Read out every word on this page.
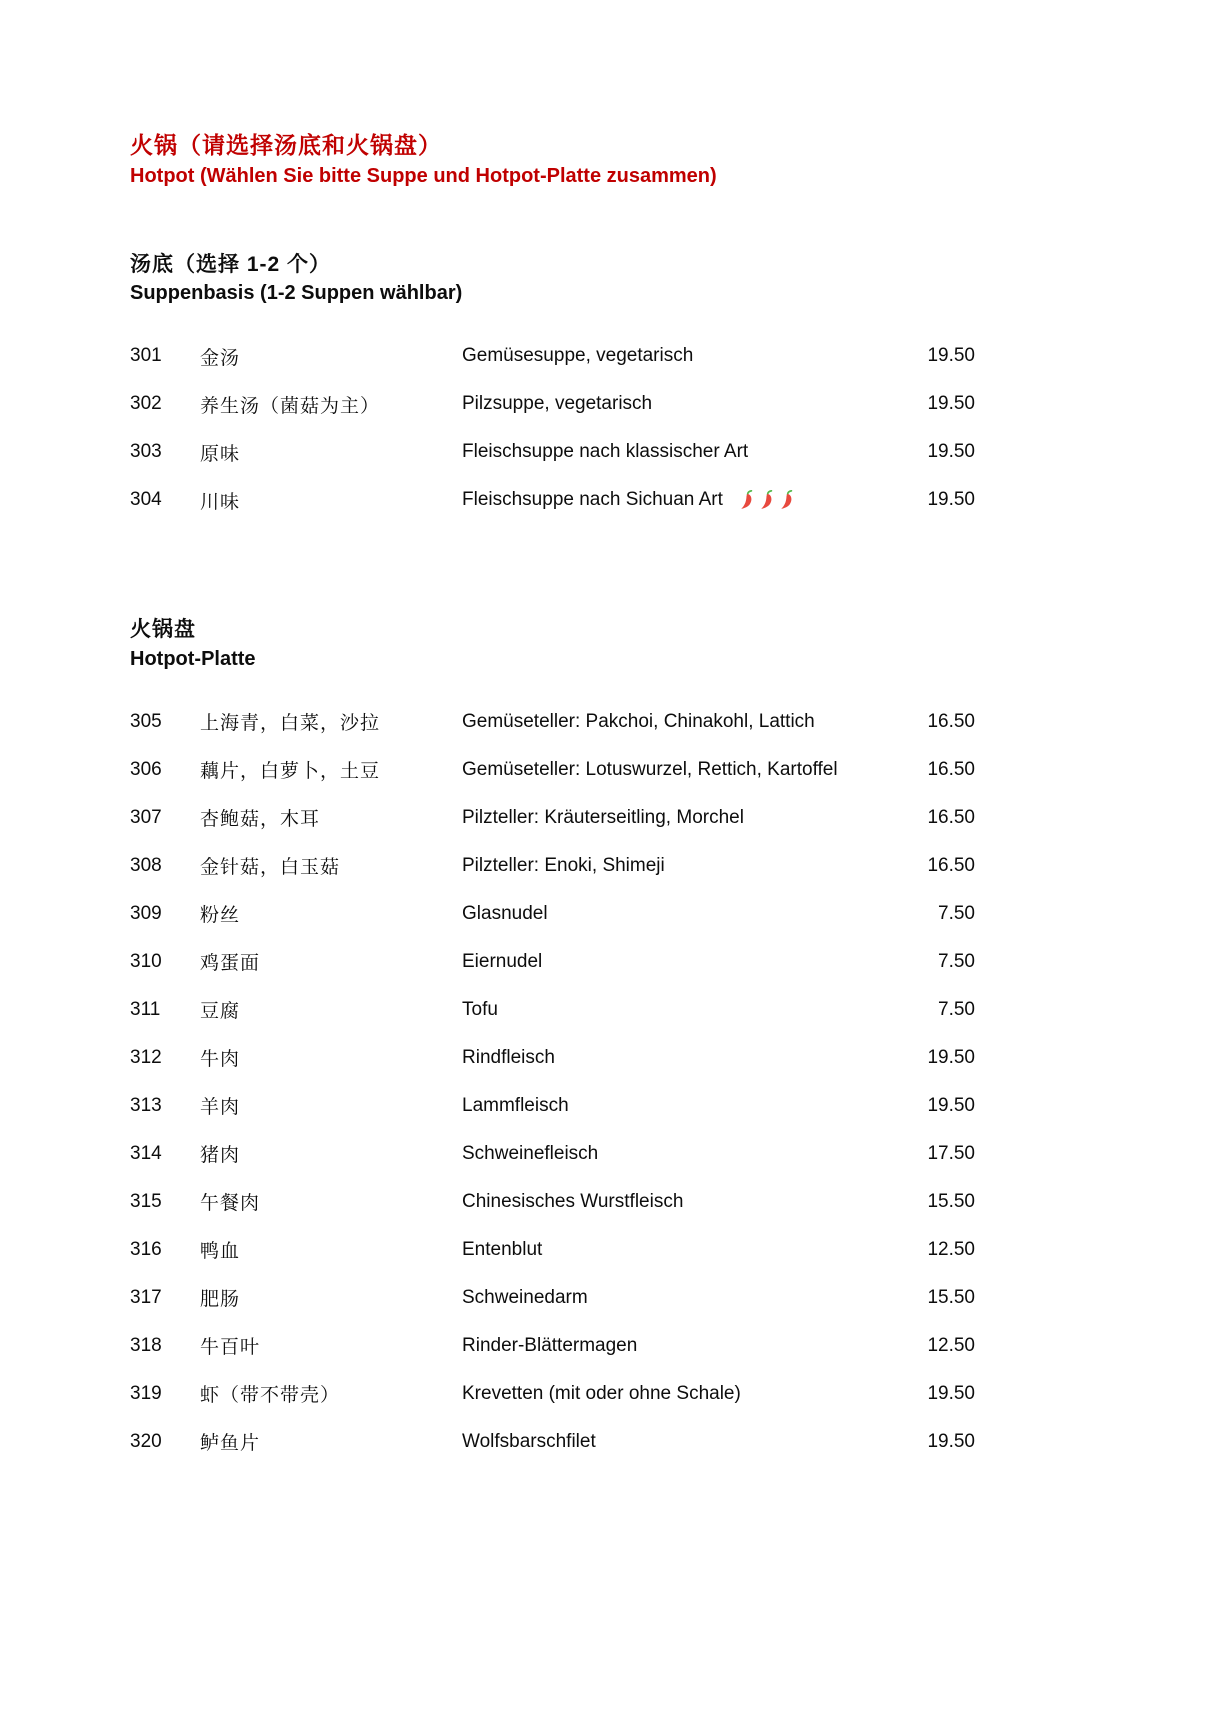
火锅（请选择汤底和火锅盘）
Hotpot (Wählen Sie bitte Suppe und Hotpot-Platte zusammen)
汤底（选择 1-2 个）
Suppenbasis (1-2 Suppen wählbar)
301	金汤	Gemüsesuppe, vegetarisch	19.50
302	养生汤（菌菇为主）	Pilzsuppe, vegetarisch	19.50
303	原味	Fleischsuppe nach klassischer Art	19.50
304	川味	Fleischsuppe nach Sichuan Art	19.50
火锅盘
Hotpot-Platte
305	上海青，白菜，沙拉	Gemüseteller: Pakchoi, Chinakohl, Lattich	16.50
306	藕片，白萝卜，土豆	Gemüseteller: Lotuswurzel, Rettich, Kartoffel	16.50
307	杏鲍菇，木耳	Pilzteller: Kräuterseitling, Morchel	16.50
308	金针菇，白玉菇	Pilzteller: Enoki, Shimeji	16.50
309	粉丝	Glasnudel	7.50
310	鸡蛋面	Eiernudel	7.50
311	豆腐	Tofu	7.50
312	牛肉	Rindfleisch	19.50
313	羊肉	Lammfleisch	19.50
314	猪肉	Schweinefleisch	17.50
315	午餐肉	Chinesisches Wurstfleisch	15.50
316	鸭血	Entenblut	12.50
317	肥肠	Schweinedarm	15.50
318	牛百叶	Rinder-Blättermagen	12.50
319	虾（带不带壳）	Krevetten (mit oder ohne Schale)	19.50
320	鲈鱼片	Wolfsbarschfilet	19.50
